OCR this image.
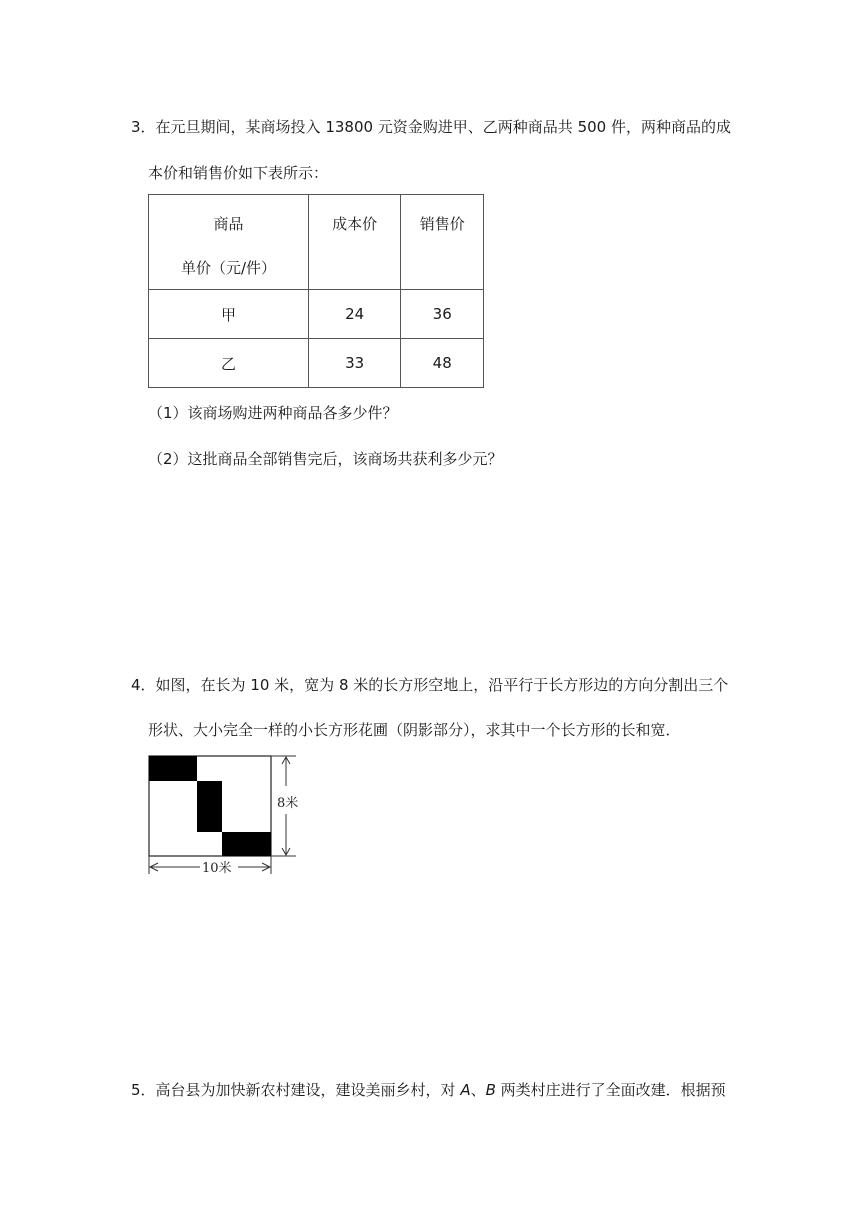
3．在元旦期间，某商场投入 13800 元资金购进甲、乙两种商品共 500 件，两种商品的成
本价和销售价如下表所示：
商品
单价（元/件）	成本价	销售价

甲	24	36
乙	33	48
（1）该商场购进两种商品各多少件？
（2）这批商品全部销售完后，该商场共获利多少元？
4．如图，在长为 10 米，宽为 8 米的长方形空地上，沿平行于长方形边的方向分割出三个
形状、大小完全一样的小长方形花圃（阴影部分），求其中一个长方形的长和宽．
8米
10米
5．高台县为加快新农村建设，建设美丽乡村，对 A、B 两类村庄进行了全面改建．根据预
